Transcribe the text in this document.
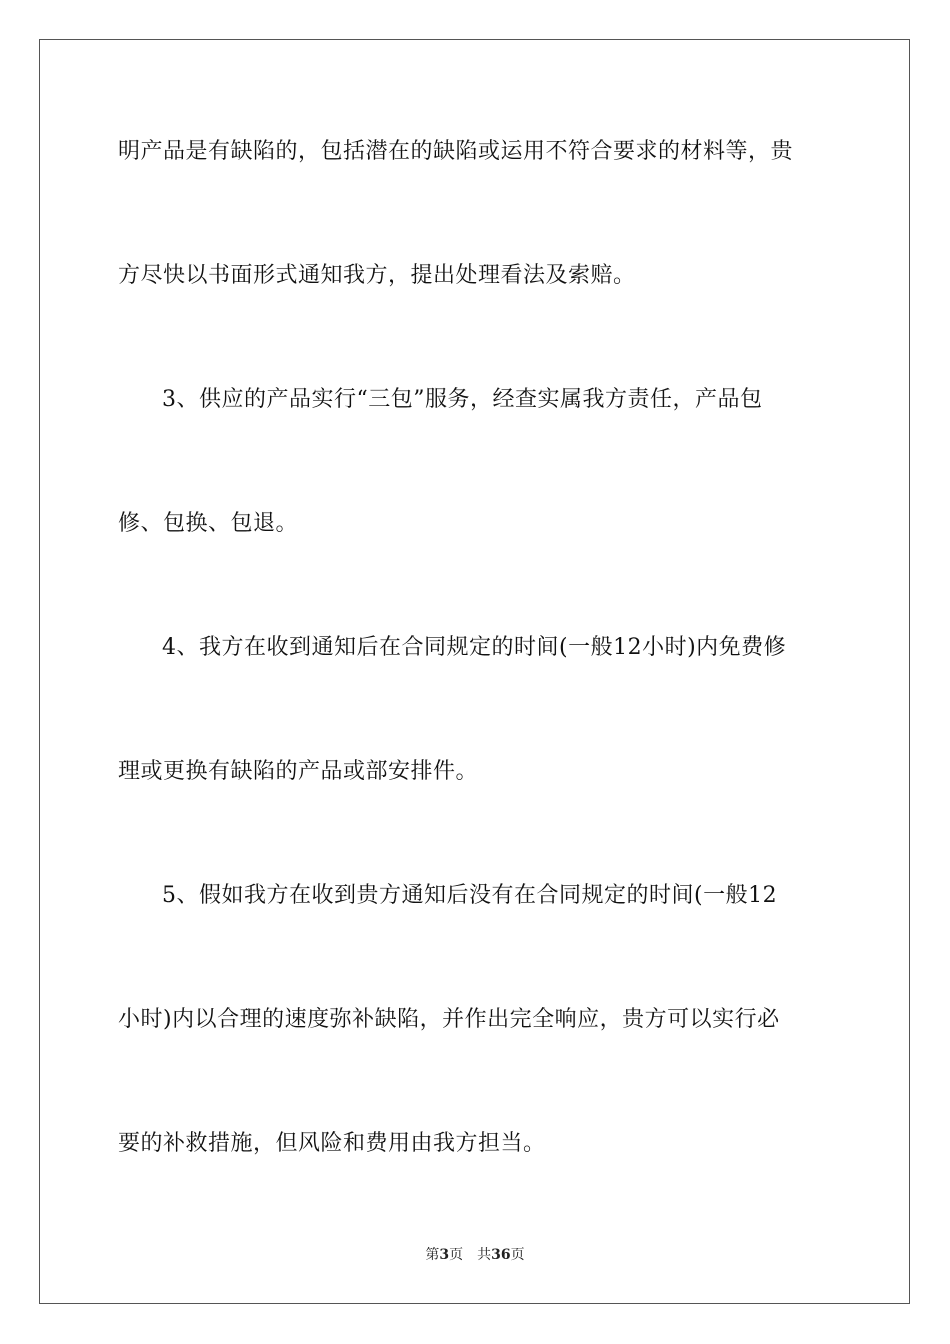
明产品是有缺陷的，包括潜在的缺陷或运用不符合要求的材料等，贵
方尽快以书面形式通知我方，提出处理看法及索赔。
3、供应的产品实行“三包”服务，经查实属我方责任，产品包
修、包换、包退。
4、我方在收到通知后在合同规定的时间(一般12小时)内免费修
理或更换有缺陷的产品或部安排件。
5、假如我方在收到贵方通知后没有在合同规定的时间(一般12
小时)内以合理的速度弥补缺陷，并作出完全响应，贵方可以实行必
要的补救措施，但风险和费用由我方担当。
第3页 共36页
